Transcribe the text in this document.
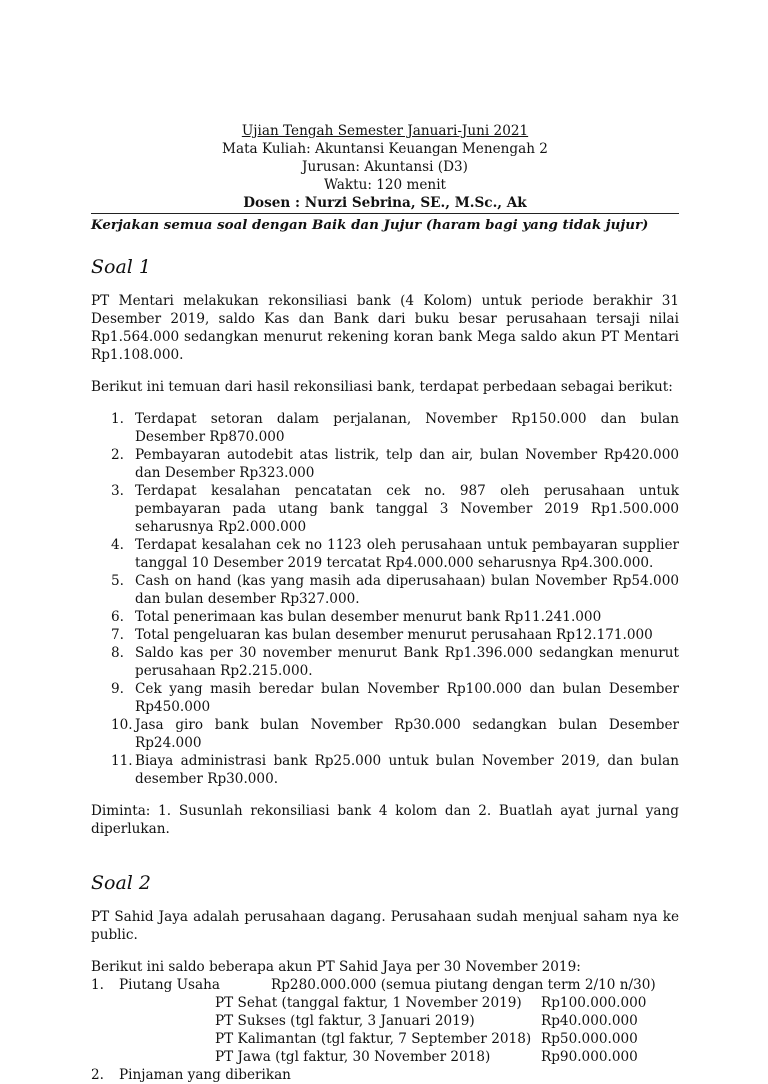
Ujian Tengah Semester Januari-Juni 2021
Mata Kuliah: Akuntansi Keuangan Menengah 2
Jurusan: Akuntansi (D3)
Waktu: 120 menit
Dosen : Nurzi Sebrina, SE., M.Sc., Ak
Kerjakan semua soal dengan Baik dan Jujur (haram bagi yang tidak jujur)
Soal 1

PT Mentari melakukan rekonsiliasi bank (4 Kolom) untuk periode berakhir 31 Desember 2019, saldo Kas dan Bank dari buku besar perusahaan tersaji nilai Rp1.564.000 sedangkan menurut rekening koran bank Mega saldo akun PT Mentari Rp1.108.000.

Berikut ini temuan dari hasil rekonsiliasi bank, terdapat perbedaan sebagai berikut:

1. Terdapat setoran dalam perjalanan, November Rp150.000 dan bulan Desember Rp870.000
2. Pembayaran autodebit atas listrik, telp dan air, bulan November Rp420.000 dan Desember Rp323.000
3. Terdapat kesalahan pencatatan cek no. 987 oleh perusahaan untuk pembayaran pada utang bank tanggal 3 November 2019 Rp1.500.000 seharusnya Rp2.000.000
4. Terdapat kesalahan cek no 1123 oleh perusahaan untuk pembayaran supplier tanggal 10 Desember 2019 tercatat Rp4.000.000 seharusnya Rp4.300.000.
5. Cash on hand (kas yang masih ada diperusahaan) bulan November Rp54.000 dan bulan desember Rp327.000.
6. Total penerimaan kas bulan desember menurut bank Rp11.241.000
7. Total pengeluaran kas bulan desember menurut perusahaan Rp12.171.000
8. Saldo kas per 30 november menurut Bank Rp1.396.000 sedangkan menurut perusahaan Rp2.215.000.
9. Cek yang masih beredar bulan November Rp100.000 dan bulan Desember Rp450.000
10. Jasa giro bank bulan November Rp30.000 sedangkan bulan Desember Rp24.000
11. Biaya administrasi bank Rp25.000 untuk bulan November 2019, dan bulan desember Rp30.000.

Diminta: 1. Susunlah rekonsiliasi bank 4 kolom dan 2. Buatlah ayat jurnal yang diperlukan.

Soal 2

PT Sahid Jaya adalah perusahaan dagang. Perusahaan sudah menjual saham nya ke public.

Berikut ini saldo beberapa akun PT Sahid Jaya per 30 November 2019:
1.	Piutang Usaha	Rp280.000.000 (semua piutang dengan term 2/10 n/30)
PT Sehat (tanggal faktur, 1 November 2019)	Rp100.000.000
PT Sukses (tgl faktur, 3 Januari 2019)	Rp40.000.000
PT Kalimantan (tgl faktur, 7 September 2018) Rp50.000.000
PT Jawa (tgl faktur, 30 November 2018)	Rp90.000.000
2.	Pinjaman yang diberikan
